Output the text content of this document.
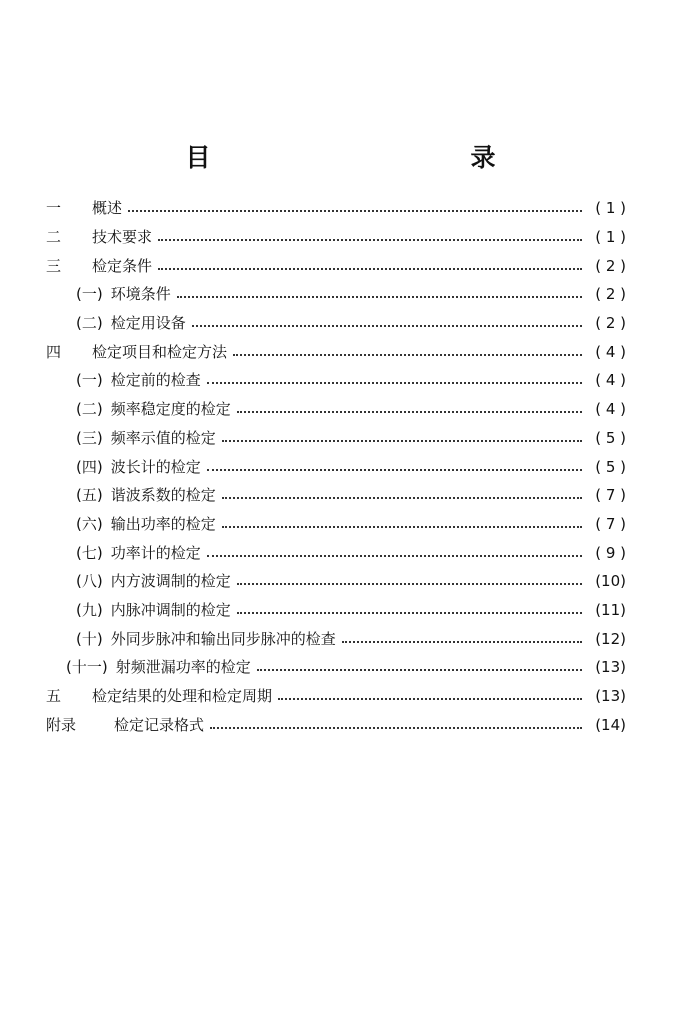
目　　录
一	概述	( 1 )
二	技术要求	( 1 )
三	检定条件	( 2 )
(一) 环境条件	( 2 )
(二) 检定用设备	( 2 )
四	检定项目和检定方法	( 4 )
(一) 检定前的检查	( 4 )
(二) 频率稳定度的检定	( 4 )
(三) 频率示值的检定	( 5 )
(四) 波长计的检定	( 5 )
(五) 谐波系数的检定	( 7 )
(六) 输出功率的检定	( 7 )
(七) 功率计的检定	( 9 )
(八) 内方波调制的检定	(10)
(九) 内脉冲调制的检定	(11)
(十) 外同步脉冲和输出同步脉冲的检查	(12)
(十一) 射频泄漏功率的检定	(13)
五	检定结果的处理和检定周期	(13)
附录	检定记录格式	(14)
